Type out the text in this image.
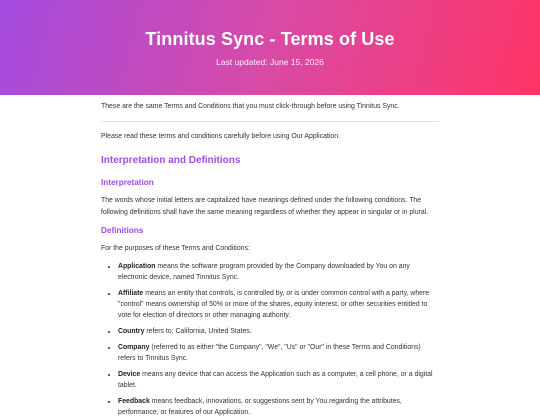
Tinnitus Sync - Terms of Use
Last updated: June 15, 2026

These are the same Terms and Conditions that you must click-through before using Tinnitus Sync.

Please read these terms and conditions carefully before using Our Application.

Interpretation and Definitions
Interpretation

The words whose initial letters are capitalized have meanings defined under the following conditions. The following definitions shall have the same meaning regardless of whether they appear in singular or in plural.

Definitions

For the purposes of these Terms and Conditions:

• Application means the software program provided by the Company downloaded by You on any electronic device, named Tinnitus Sync.
• Affiliate means an entity that controls, is controlled by, or is under common control with a party, where "control" means ownership of 50% or more of the shares, equity interest, or other securities entitled to vote for election of directors or other managing authority.
• Country refers to: California, United States.
• Company (referred to as either "the Company", "We", "Us" or "Our" in these Terms and Conditions) refers to Tinnitus Sync.
• Device means any device that can access the Application such as a computer, a cell phone, or a digital tablet.
• Feedback means feedback, innovations, or suggestions sent by You regarding the attributes, performance, or features of our Application.
